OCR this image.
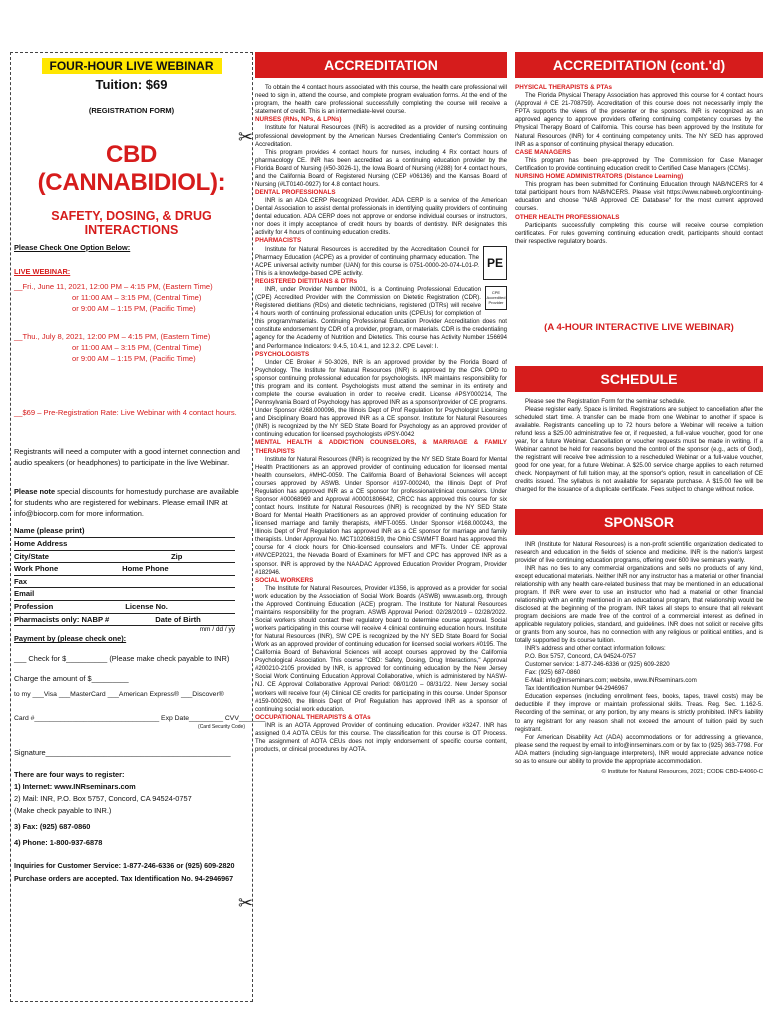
✂
✂
FOUR-HOUR LIVE WEBINAR
Tuition: $69
(REGISTRATION FORM)
CBD (CANNABIDIOL):
SAFETY, DOSING, & DRUG INTERACTIONS
Please Check One Option Below:
LIVE WEBINAR:
__Fri., June 11, 2021, 12:00 PM – 4:15 PM, (Eastern Time)
or 11:00 AM – 3:15 PM, (Central Time)
or 9:00 AM – 1:15 PM, (Pacific Time)
__Thu., July 8, 2021, 12:00 PM – 4:15 PM, (Eastern Time)
or 11:00 AM – 3:15 PM, (Central Time)
or 9:00 AM – 1:15 PM, (Pacific Time)
__$69 – Pre-Registration Rate: Live Webinar with 4 contact hours.
Registrants will need a computer with a good internet connection and audio speakers (or headphones) to participate in the live Webinar.
Please note special discounts for homestudy purchase are available for students who are registered for webinars. Please email INR at info@biocorp.com for more information.
Name (please print)
Home Address
City/State	Zip
Work Phone	Home Phone
Fax
Email
Profession	License No.
Pharmacists only: NABP #	Date of Birth
mm / dd / yy
Payment by (please check one):
___ Check for $__________ (Please make check payable to INR)
Charge the amount of $_________
to my ___Visa ___MasterCard ___American Express® ___Discover®
Card #_________________________________ Exp Date_________ CVV_______
(Card Security Code)
Signature_____________________________________________
There are four ways to register:
1) Internet: www.INRseminars.com
2) Mail: INR, P.O. Box 5757, Concord, CA 94524-0757
(Make check payable to INR.)
3) Fax: (925) 687-0860
4) Phone: 1-800-937-6878
Inquiries for Customer Service: 1-877-246-6336 or (925) 609-2820
Purchase orders are accepted. Tax Identification No. 94-2946967
ACCREDITATION

To obtain the 4 contact hours associated with this course, the health care professional will need to sign in, attend the course, and complete program evaluation forms. At the end of the program, the health care professional successfully completing the course will receive a statement of credit. This is an intermediate-level course.

NURSES (RNs, NPs, & LPNs)

Institute for Natural Resources (INR) is accredited as a provider of nursing continuing professional development by the American Nurses Credentialing Center's Commission on Accreditation.

This program provides 4 contact hours for nurses, including 4 Rx contact hours of pharmacology CE. INR has been accredited as a continuing education provider by the Florida Board of Nursing (#50-3026-1), the Iowa Board of Nursing (#288) for 4 contact hours, and the California Board of Registered Nursing (CEP #06136) and the Kansas Board of Nursing (#LT0140-0927) for 4.8 contact hours.

DENTAL PROFESSIONALS

INR is an ADA CERP Recognized Provider. ADA CERP is a service of the American Dental Association to assist dental professionals in identifying quality providers of continuing dental education. ADA CERP does not approve or endorse individual courses or instructors, nor does it imply acceptance of credit hours by boards of dentistry. INR designates this activity for 4 hours of continuing education credits.

PHARMACISTS
PE

Institute for Natural Resources is accredited by the Accreditation Council for Pharmacy Education (ACPE) as a provider of continuing pharmacy education. The ACPE universal activity number (UAN) for this course is 0751-0000-20-074-L01-P. This is a knowledge-based CPE activity.

REGISTERED DIETITIANS & DTRs
CPE Accredited Provider

INR, under Provider Number IN001, is a Continuing Professional Education (CPE) Accredited Provider with the Commission on Dietetic Registration (CDR). Registered dietitians (RDs) and dietetic technicians, registered (DTRs) will receive 4 hours worth of continuing professional education units (CPEUs) for completion of this program/materials. Continuing Professional Education Provider Accreditation does not constitute endorsement by CDR of a provider, program, or materials. CDR is the credentialing agency for the Academy of Nutrition and Dietetics. This course has Activity Number 156694 and Performance Indicators: 9.4.5, 10.4.1, and 12.3.2. CPE Level: I.

PSYCHOLOGISTS

Under CE Broker # 50-3026, INR is an approved provider by the Florida Board of Psychology. The Institute for Natural Resources (INR) is approved by the CPA OPD to sponsor continuing professional education for psychologists. INR maintains responsibility for this program and its content. Psychologists must attend the seminar in its entirety and complete the course evaluation in order to receive credit. License #PSY000214, The Pennsylvania Board of Psychology has approved INR as a sponsor/provider of CE programs. Under Sponsor #268.000096, the Illinois Dept of Prof Regulation for Psychologist Licensing and Disciplinary Board has approved INR as a CE sponsor. Institute for Natural Resources (INR) is recognized by the NY SED State Board for Psychology as an approved provider of continuing education for licensed psychologists #PSY-0042

MENTAL HEALTH & ADDICTION COUNSELORS, & MARRIAGE & FAMILY THERAPISTS

Institute for Natural Resources (INR) is recognized by the NY SED State Board for Mental Health Practitioners as an approved provider of continuing education for licensed mental health counselors, #MHC-0059. The California Board of Behavioral Sciences will accept courses approved by ASWB. Under Sponsor #197-000240, the Illinois Dept of Prof Regulation has approved INR as a CE sponsor for professional/clinical counselors. Under Sponsor #00068969 and Approval #00001806642, CRCC has approved this course for six contact hours. Institute for Natural Resources (INR) is recognized by the NY SED State Board for Mental Health Practitioners as an approved provider of continuing education for licensed marriage and family therapists, #MFT-0055. Under Sponsor #168.000243, the Illinois Dept of Prof Regulation has approved INR as a CE sponsor for marriage and family therapists. Under Approval No. MCT102068159, the Ohio CSWMFT Board has approved this course for 4 clock hours for Ohio-licensed counselors and MFTs. Under CE approval #NVCEP2021, the Nevada Board of Examiners for MFT and CPC has approved INR as a sponsor. INR is approved by the NAADAC Approved Education Provider Program, Provider #182946.

SOCIAL WORKERS

The Institute for Natural Resources, Provider #1356, is approved as a provider for social work education by the Association of Social Work Boards (ASWB) www.aswb.org, through the Approved Continuing Education (ACE) program. The Institute for Natural Resources maintains responsibility for the program. ASWB Approval Period: 02/28/2019 – 02/28/2022. Social workers should contact their regulatory board to determine course approval. Social workers participating in this course will receive 4 clinical continuing education hours. Institute for Natural Resources (INR), SW CPE is recognized by the NY SED State Board for Social Work as an approved provider of continuing education for licensed social workers #0195. The California Board of Behavioral Sciences will accept courses approved by the California Psychological Association. This course "CBD: Safety, Dosing, Drug Interactions," Approval #200210-2105 provided by INR, is approved for continuing education by the New Jersey Social Work Continuing Education Approval Collaborative, which is administered by NASW-NJ. CE Approval Collaborative Approval Period: 08/01/20 – 08/31/22. New Jersey social workers will receive four (4) Clinical CE credits for participating in this course. Under Sponsor #159-000260, the Illinois Dept of Prof Regulation has approved INR as a sponsor of continuing social work education.

OCCUPATIONAL THERAPISTS & OTAs

INR is an AOTA Approved Provider of continuing education. Provider #3247. INR has assigned 0.4 AOTA CEUs for this course. The classification for this course is OT Process. The assignment of AOTA CEUs does not imply endorsement of specific course content, products, or clinical procedures by AOTA.

ACCREDITATION (cont.'d)
PHYSICAL THERAPISTS & PTAs

The Florida Physical Therapy Association has approved this course for 4 contact hours (Approval # CE 21-708759). Accreditation of this course does not necessarily imply the FPTA supports the views of the presenter or the sponsors. INR is recognized as an approved agency to approve providers offering continuing competency courses by the Physical Therapy Board of California. This course has been approved by the Institute for Natural Resources (INR) for 4 continuing competency units. The NY SED has approved INR as a sponsor of continuing physical therapy education.

CASE MANAGERS

This program has been pre-approved by The Commission for Case Manager Certification to provide continuing education credit to Certified Case Managers (CCMs).

NURSING HOME ADMINISTRATORS (Distance Learning)

This program has been submitted for Continuing Education through NAB/NCERS for 4 total participant hours from NAB/NCERS. Please visit https://www.nabweb.org/continuing-education and choose "NAB Approved CE Database" for the most current approved courses.

OTHER HEALTH PROFESSIONALS

Participants successfully completing this course will receive course completion certificates. For rules governing continuing education credit, participants should contact their respective regulatory boards.

(A 4-HOUR INTERACTIVE LIVE WEBINAR)
SCHEDULE

Please see the Registration Form for the seminar schedule.

Please register early. Space is limited. Registrations are subject to cancellation after the scheduled start time. A transfer can be made from one Webinar to another if space is available. Registrants cancelling up to 72 hours before a Webinar will receive a tuition refund less a $25.00 administrative fee or, if requested, a full-value voucher, good for one year, for a future Webinar. Cancellation or voucher requests must be made in writing. If a Webinar cannot be held for reasons beyond the control of the sponsor (e.g., acts of God), the registrant will receive free admission to a rescheduled Webinar or a full-value voucher, good for one year, for a future Webinar. A $25.00 service charge applies to each returned check. Nonpayment of full tuition may, at the sponsor's option, result in cancellation of CE credits issued. The syllabus is not available for separate purchase. A $15.00 fee will be charged for the issuance of a duplicate certificate. Fees subject to change without notice.

SPONSOR

INR (Institute for Natural Resources) is a non-profit scientific organization dedicated to research and education in the fields of science and medicine. INR is the nation's largest provider of live continuing education programs, offering over 600 live seminars yearly.

INR has no ties to any commercial organizations and sells no products of any kind, except educational materials. Neither INR nor any instructor has a material or other financial relationship with any health care-related business that may be mentioned in an educational program. If INR were ever to use an instructor who had a material or other financial relationship with an entity mentioned in an educational program, that relationship would be disclosed at the beginning of the program. INR takes all steps to ensure that all relevant program decisions are made free of the control of a commercial interest as defined in applicable regulatory policies, standard, and guidelines. INR does not solicit or receive gifts or grants from any source, has no connection with any religious or political entities, and is totally supported by its course tuition.

INR's address and other contact information follows:

P.O. Box 5757, Concord, CA 94524-0757
Customer service: 1-877-246-6336 or (925) 609-2820
Fax: (925) 687-0860
E-Mail: info@inrseminars.com; website, www.INRseminars.com
Tax Identification Number 94-2946967

Education expenses (including enrollment fees, books, tapes, travel costs) may be deductible if they improve or maintain professional skills. Treas. Reg. Sec. 1.162-5. Recording of the seminar, or any portion, by any means is strictly prohibited. INR's liability to any registrant for any reason shall not exceed the amount of tuition paid by such registrant.

For American Disability Act (ADA) accommodations or for addressing a grievance, please send the request by email to info@inrseminars.com or by fax to (925) 363-7798. For ADA matters (including sign-language interpreters), INR would appreciate advance notice so as to ensure our ability to provide the appropriate accommodation.

© Institute for Natural Resources, 2021; CODE CBD-E4060-C
